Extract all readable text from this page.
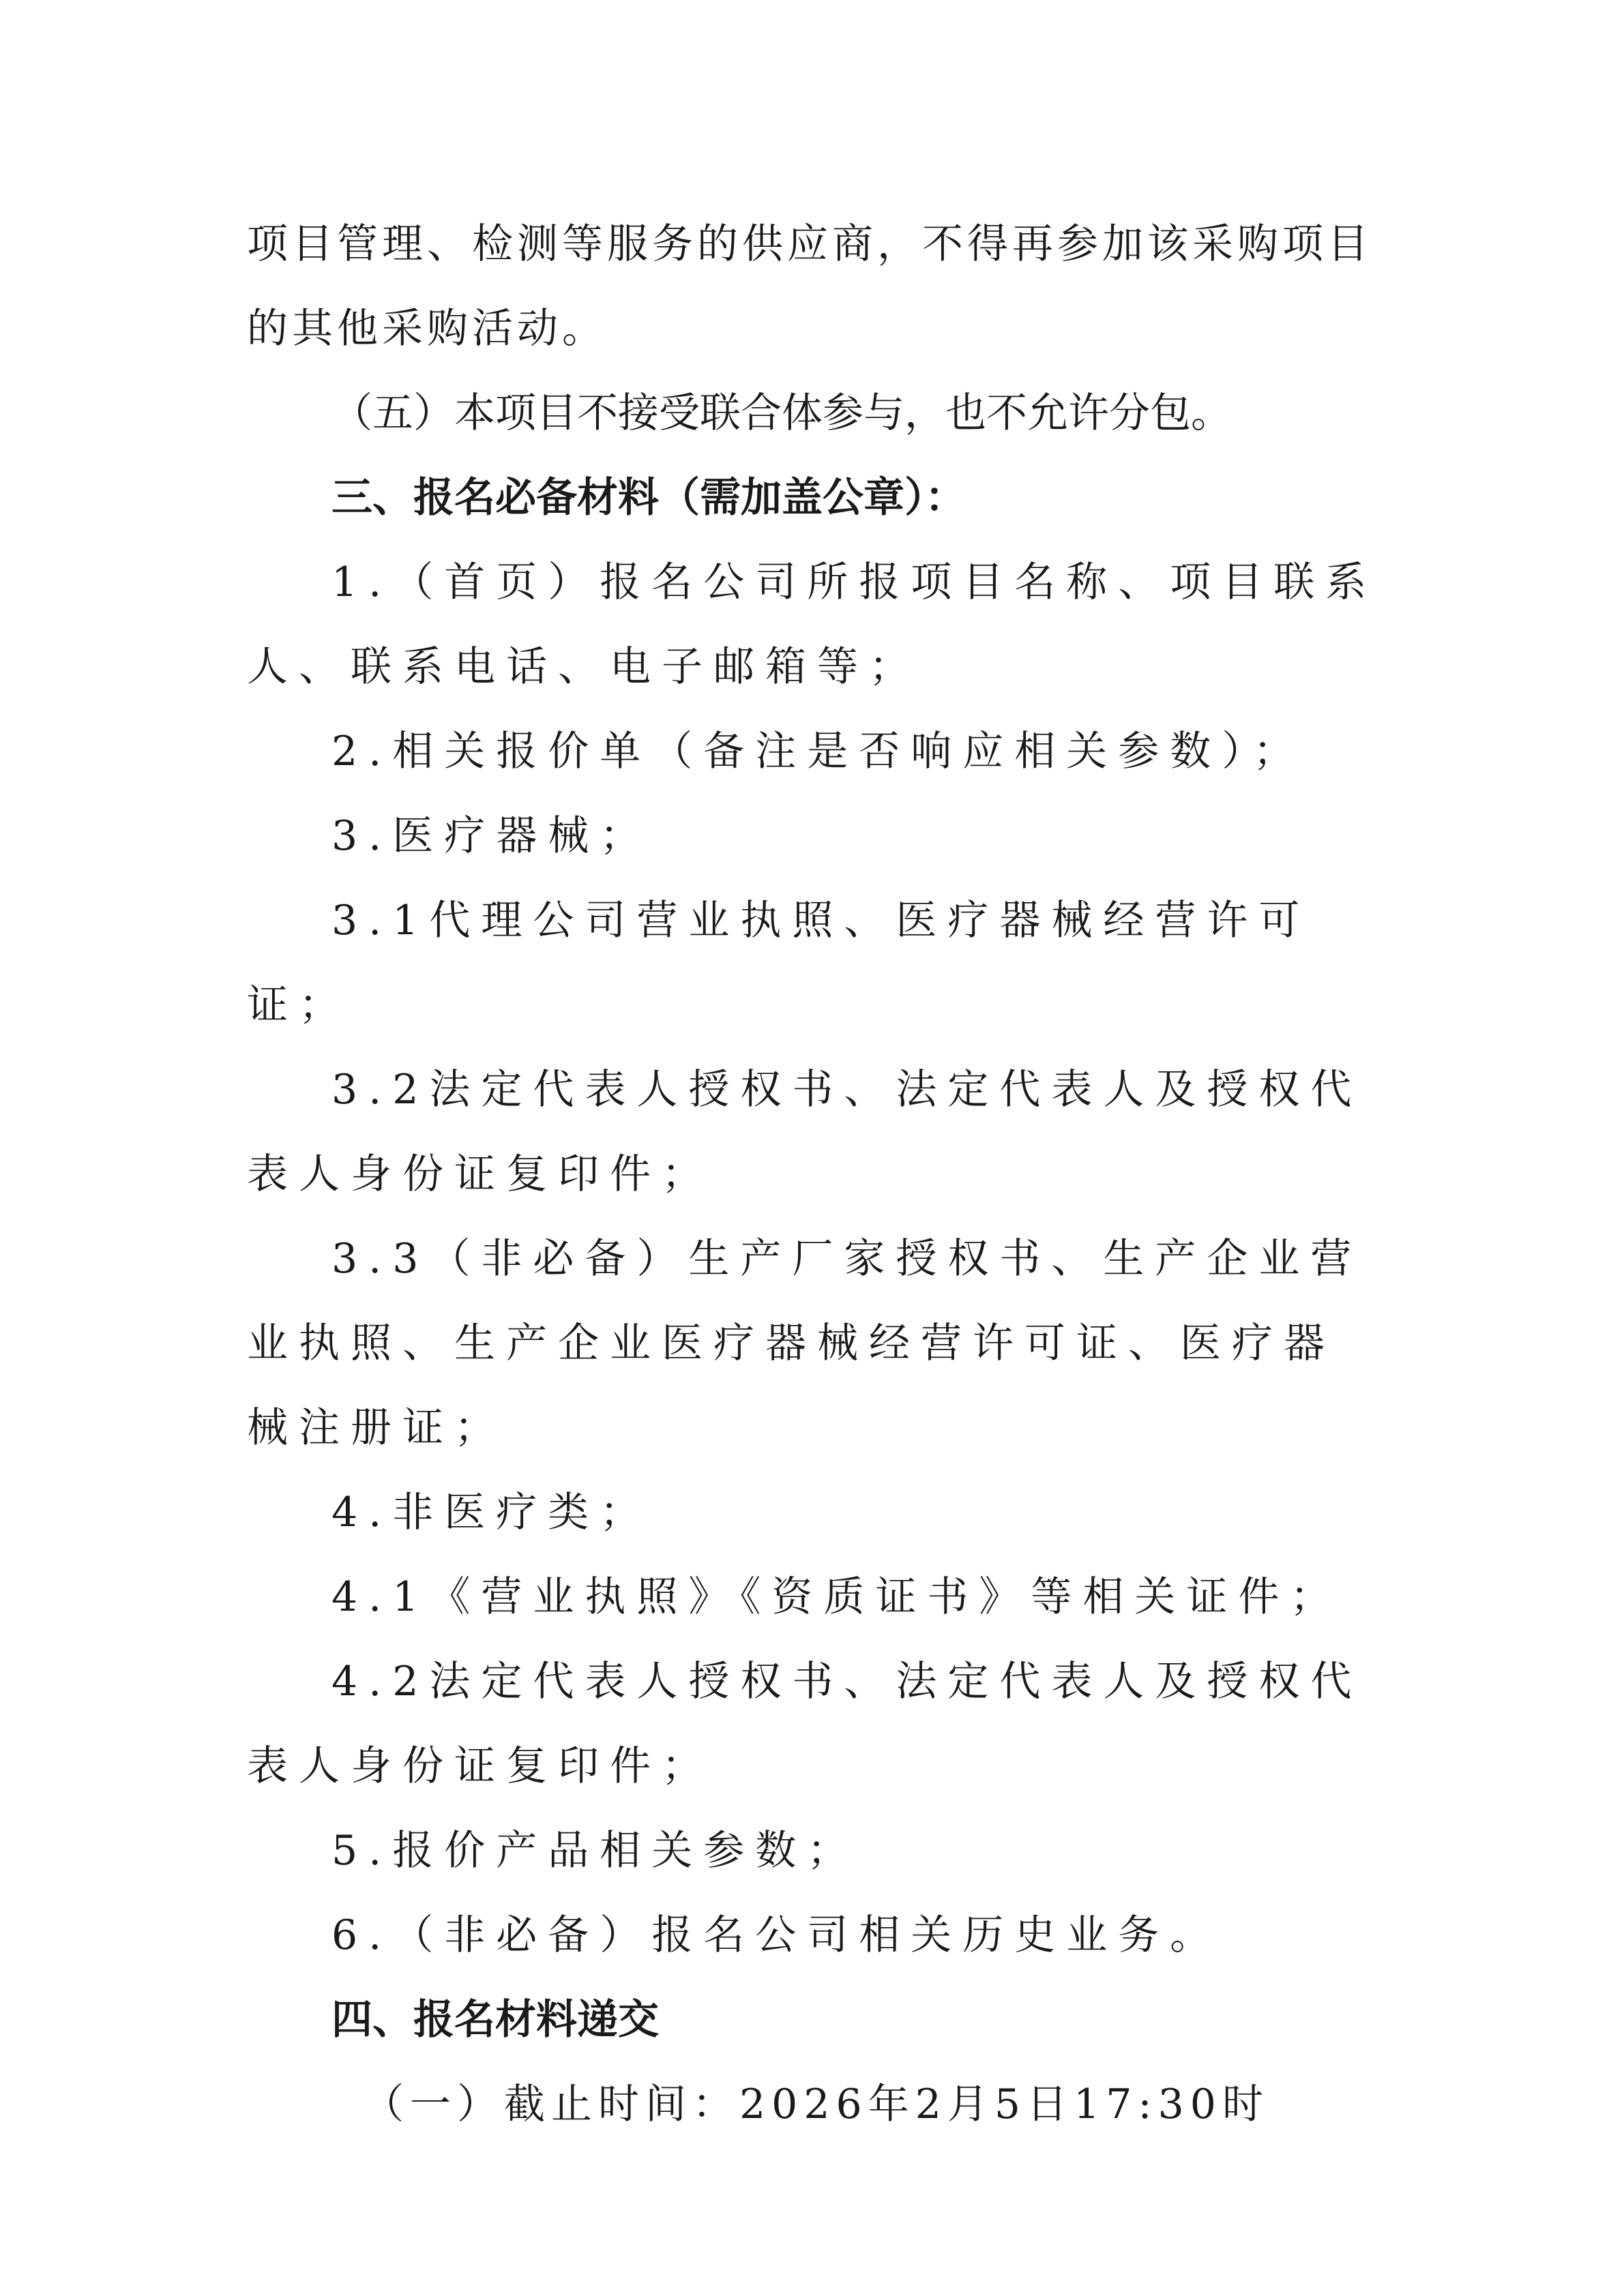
项目管理、检测等服务的供应商，不得再参加该采购项目的其他采购活动。

（五）本项目不接受联合体参与，也不允许分包。

三、报名必备材料（需加盖公章）：

1.（首页）报名公司所报项目名称、项目联系人、联系电话、电子邮箱等；

2.相关报价单（备注是否响应相关参数）；

3.医疗器械；

3.1代理公司营业执照、医疗器械经营许可证；

3.2法定代表人授权书、法定代表人及授权代表人身份证复印件；

3.3（非必备）生产厂家授权书、生产企业营业执照、生产企业医疗器械经营许可证、医疗器械注册证；

4.非医疗类；

4.1《营业执照》《资质证书》等相关证件；

4.2法定代表人授权书、法定代表人及授权代表人身份证复印件；

5.报价产品相关参数；

6.（非必备）报名公司相关历史业务。

四、报名材料递交

（一）截止时间：2026年2月5日17:30时
